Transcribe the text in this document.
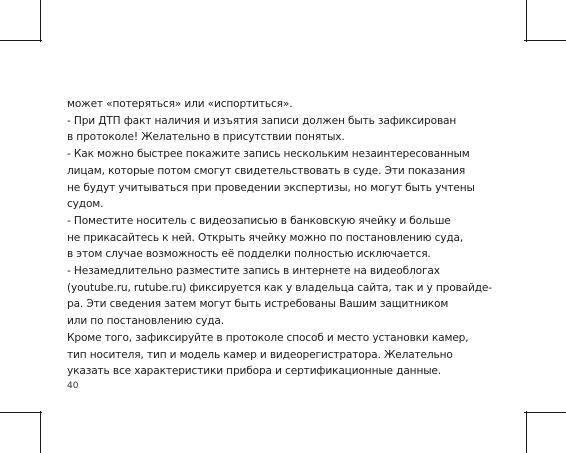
может «потеряться» или «испортиться».
- При ДТП факт наличия и изъятия записи должен быть зафиксирован
в протоколе! Желательно в присутствии понятых.
- Как можно быстрее покажите запись нескольким незаинтересованным
лицам, которые потом смогут свидетельствовать в суде. Эти показания
не будут учитываться при проведении экспертизы, но могут быть учтены
судом.
- Поместите носитель с видеозаписью в банковскую ячейку и больше
не прикасайтесь к ней. Открыть ячейку можно по постановлению суда,
в этом случае возможность её подделки полностью исключается.
- Незамедлительно разместите запись в интернете на видеоблогах
(youtube.ru, rutube.ru) фиксируется как у владельца сайта, так и у провайде-
ра. Эти сведения затем могут быть истребованы Вашим защитником
или по постановлению суда.
Кроме того, зафиксируйте в протоколе способ и место установки камер,
тип носителя, тип и модель камер и видеорегистратора. Желательно
указать все характеристики прибора и сертификационные данные.
40
